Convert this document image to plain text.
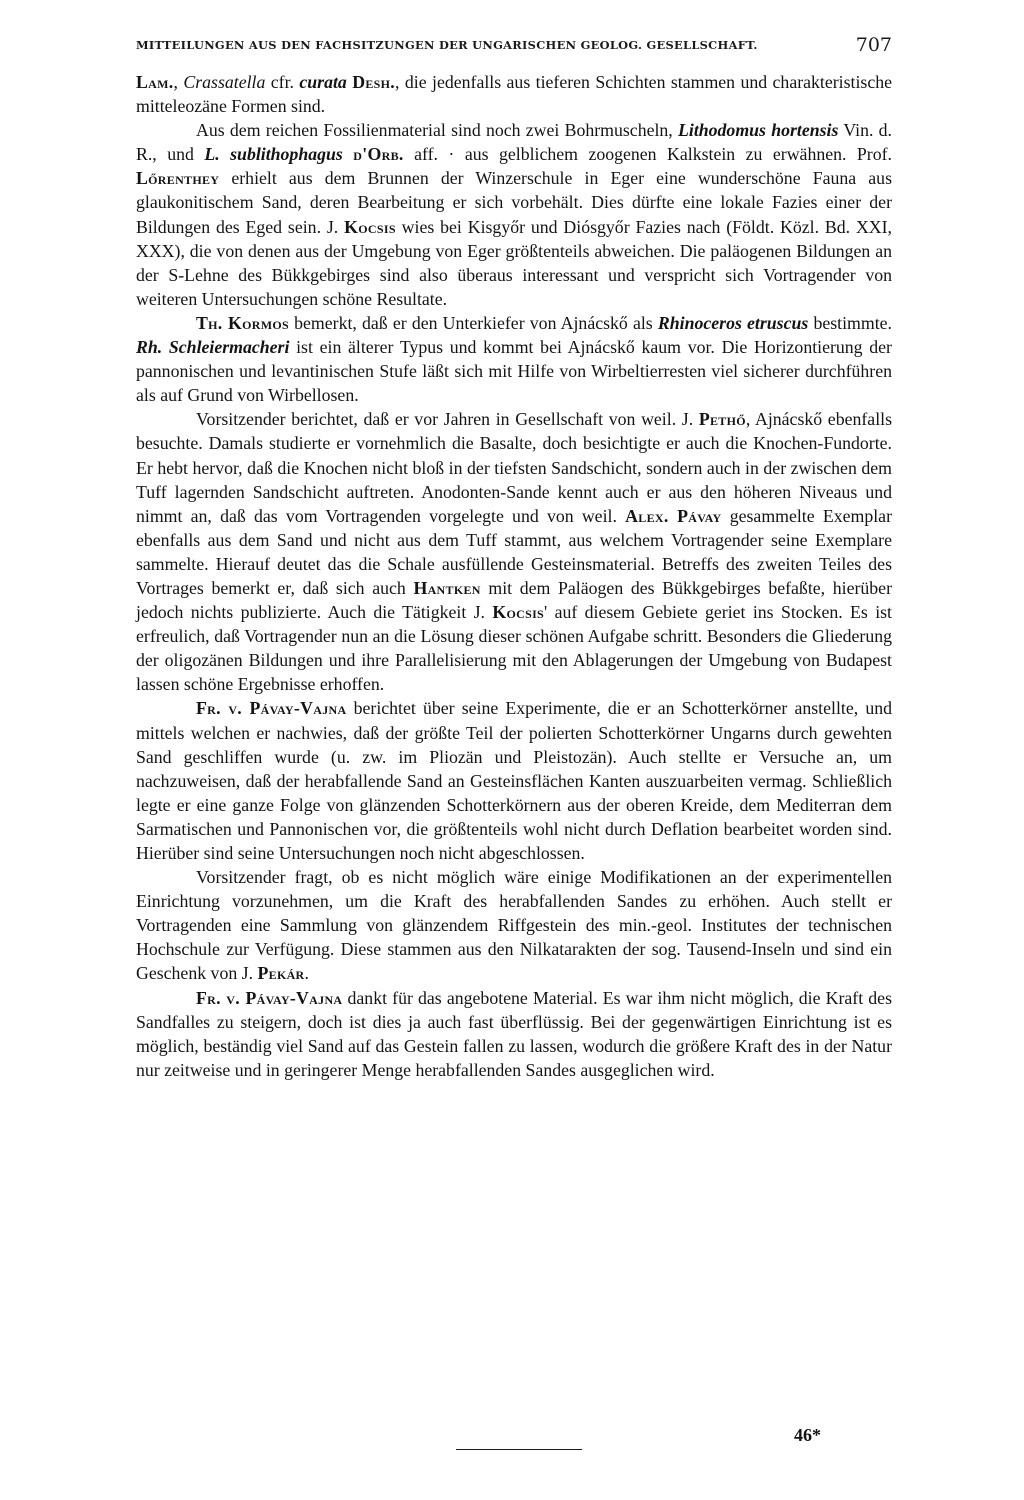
MITTEILUNGEN AUS DEN FACHSITZUNGEN DER UNGARISCHEN GEOLOG. GESELLSCHAFT.	707

Lam., Crassatella cfr. curata Desh., die jedenfalls aus tieferen Schichten stammen und charakteristische mitteleozäne Formen sind.

Aus dem reichen Fossilienmaterial sind noch zwei Bohrmuscheln, Lithodomus hortensis Vin. d. R., und L. sublithophagus d'Orb. aff. · aus gelblichem zoogenen Kalkstein zu erwähnen. Prof. Lőrenthey erhielt aus dem Brunnen der Winzerschule in Eger eine wunderschöne Fauna aus glaukonitischem Sand, deren Bearbeitung er sich vorbehält. Dies dürfte eine lokale Fazies einer der Bildungen des Eged sein. J. Kocsis wies bei Kisgyőr und Diósgyőr Fazies nach (Földt. Közl. Bd. XXI, XXX), die von denen aus der Umgebung von Eger größtenteils abweichen. Die paläogenen Bildungen an der S-Lehne des Bükkgebirges sind also überaus interessant und verspricht sich Vortragender von weiteren Untersuchungen schöne Resultate.

Th. Kormos bemerkt, daß er den Unterkiefer von Ajnácskő als Rhinoceros etruscus bestimmte. Rh. Schleiermacheri ist ein älterer Typus und kommt bei Ajnácskő kaum vor. Die Horizontierung der pannonischen und levantinischen Stufe läßt sich mit Hilfe von Wirbeltierresten viel sicherer durchführen als auf Grund von Wirbellosen.

Vorsitzender berichtet, daß er vor Jahren in Gesellschaft von weil. J. Pethő, Ajnácskő ebenfalls besuchte. Damals studierte er vornehmlich die Basalte, doch besichtigte er auch die Knochen-Fundorte. Er hebt hervor, daß die Knochen nicht bloß in der tiefsten Sandschicht, sondern auch in der zwischen dem Tuff lagernden Sandschicht auftreten. Anodonten-Sande kennt auch er aus den höheren Niveaus und nimmt an, daß das vom Vortragenden vorgelegte und von weil. Alex. Pávay gesammelte Exemplar ebenfalls aus dem Sand und nicht aus dem Tuff stammt, aus welchem Vortragender seine Exemplare sammelte. Hierauf deutet das die Schale ausfüllende Gesteinsmaterial. Betreffs des zweiten Teiles des Vortrages bemerkt er, daß sich auch Hantken mit dem Paläogen des Bükkgebirges befaßte, hierüber jedoch nichts publizierte. Auch die Tätigkeit J. Kocsis' auf diesem Gebiete geriet ins Stocken. Es ist erfreulich, daß Vortragender nun an die Lösung dieser schönen Aufgabe schritt. Besonders die Gliederung der oligozänen Bildungen und ihre Parallelisierung mit den Ablagerungen der Umgebung von Budapest lassen schöne Ergebnisse erhoffen.

Fr. v. Pávay-Vajna berichtet über seine Experimente, die er an Schotterkörner anstellte, und mittels welchen er nachwies, daß der größte Teil der polierten Schotterkörner Ungarns durch gewehten Sand geschliffen wurde (u. zw. im Pliozän und Pleistozän). Auch stellte er Versuche an, um nachzuweisen, daß der herabfallende Sand an Gesteinsflächen Kanten auszuarbeiten vermag. Schließlich legte er eine ganze Folge von glänzenden Schotterkörnern aus der oberen Kreide, dem Mediterran dem Sarmatischen und Pannonischen vor, die größtenteils wohl nicht durch Deflation bearbeitet worden sind. Hierüber sind seine Untersuchungen noch nicht abgeschlossen.

Vorsitzender fragt, ob es nicht möglich wäre einige Modifikationen an der experimentellen Einrichtung vorzunehmen, um die Kraft des herabfallenden Sandes zu erhöhen. Auch stellt er Vortragenden eine Sammlung von glänzendem Riffgestein des min.-geol. Institutes der technischen Hochschule zur Verfügung. Diese stammen aus den Nilkatarakten der sog. Tausend-Inseln und sind ein Geschenk von J. Pekár.

Fr. v. Pávay-Vajna dankt für das angebotene Material. Es war ihm nicht möglich, die Kraft des Sandfalles zu steigern, doch ist dies ja auch fast überflüssig. Bei der gegenwärtigen Einrichtung ist es möglich, beständig viel Sand auf das Gestein fallen zu lassen, wodurch die größere Kraft des in der Natur nur zeitweise und in geringerer Menge herabfallenden Sandes ausgeglichen wird.

46*
